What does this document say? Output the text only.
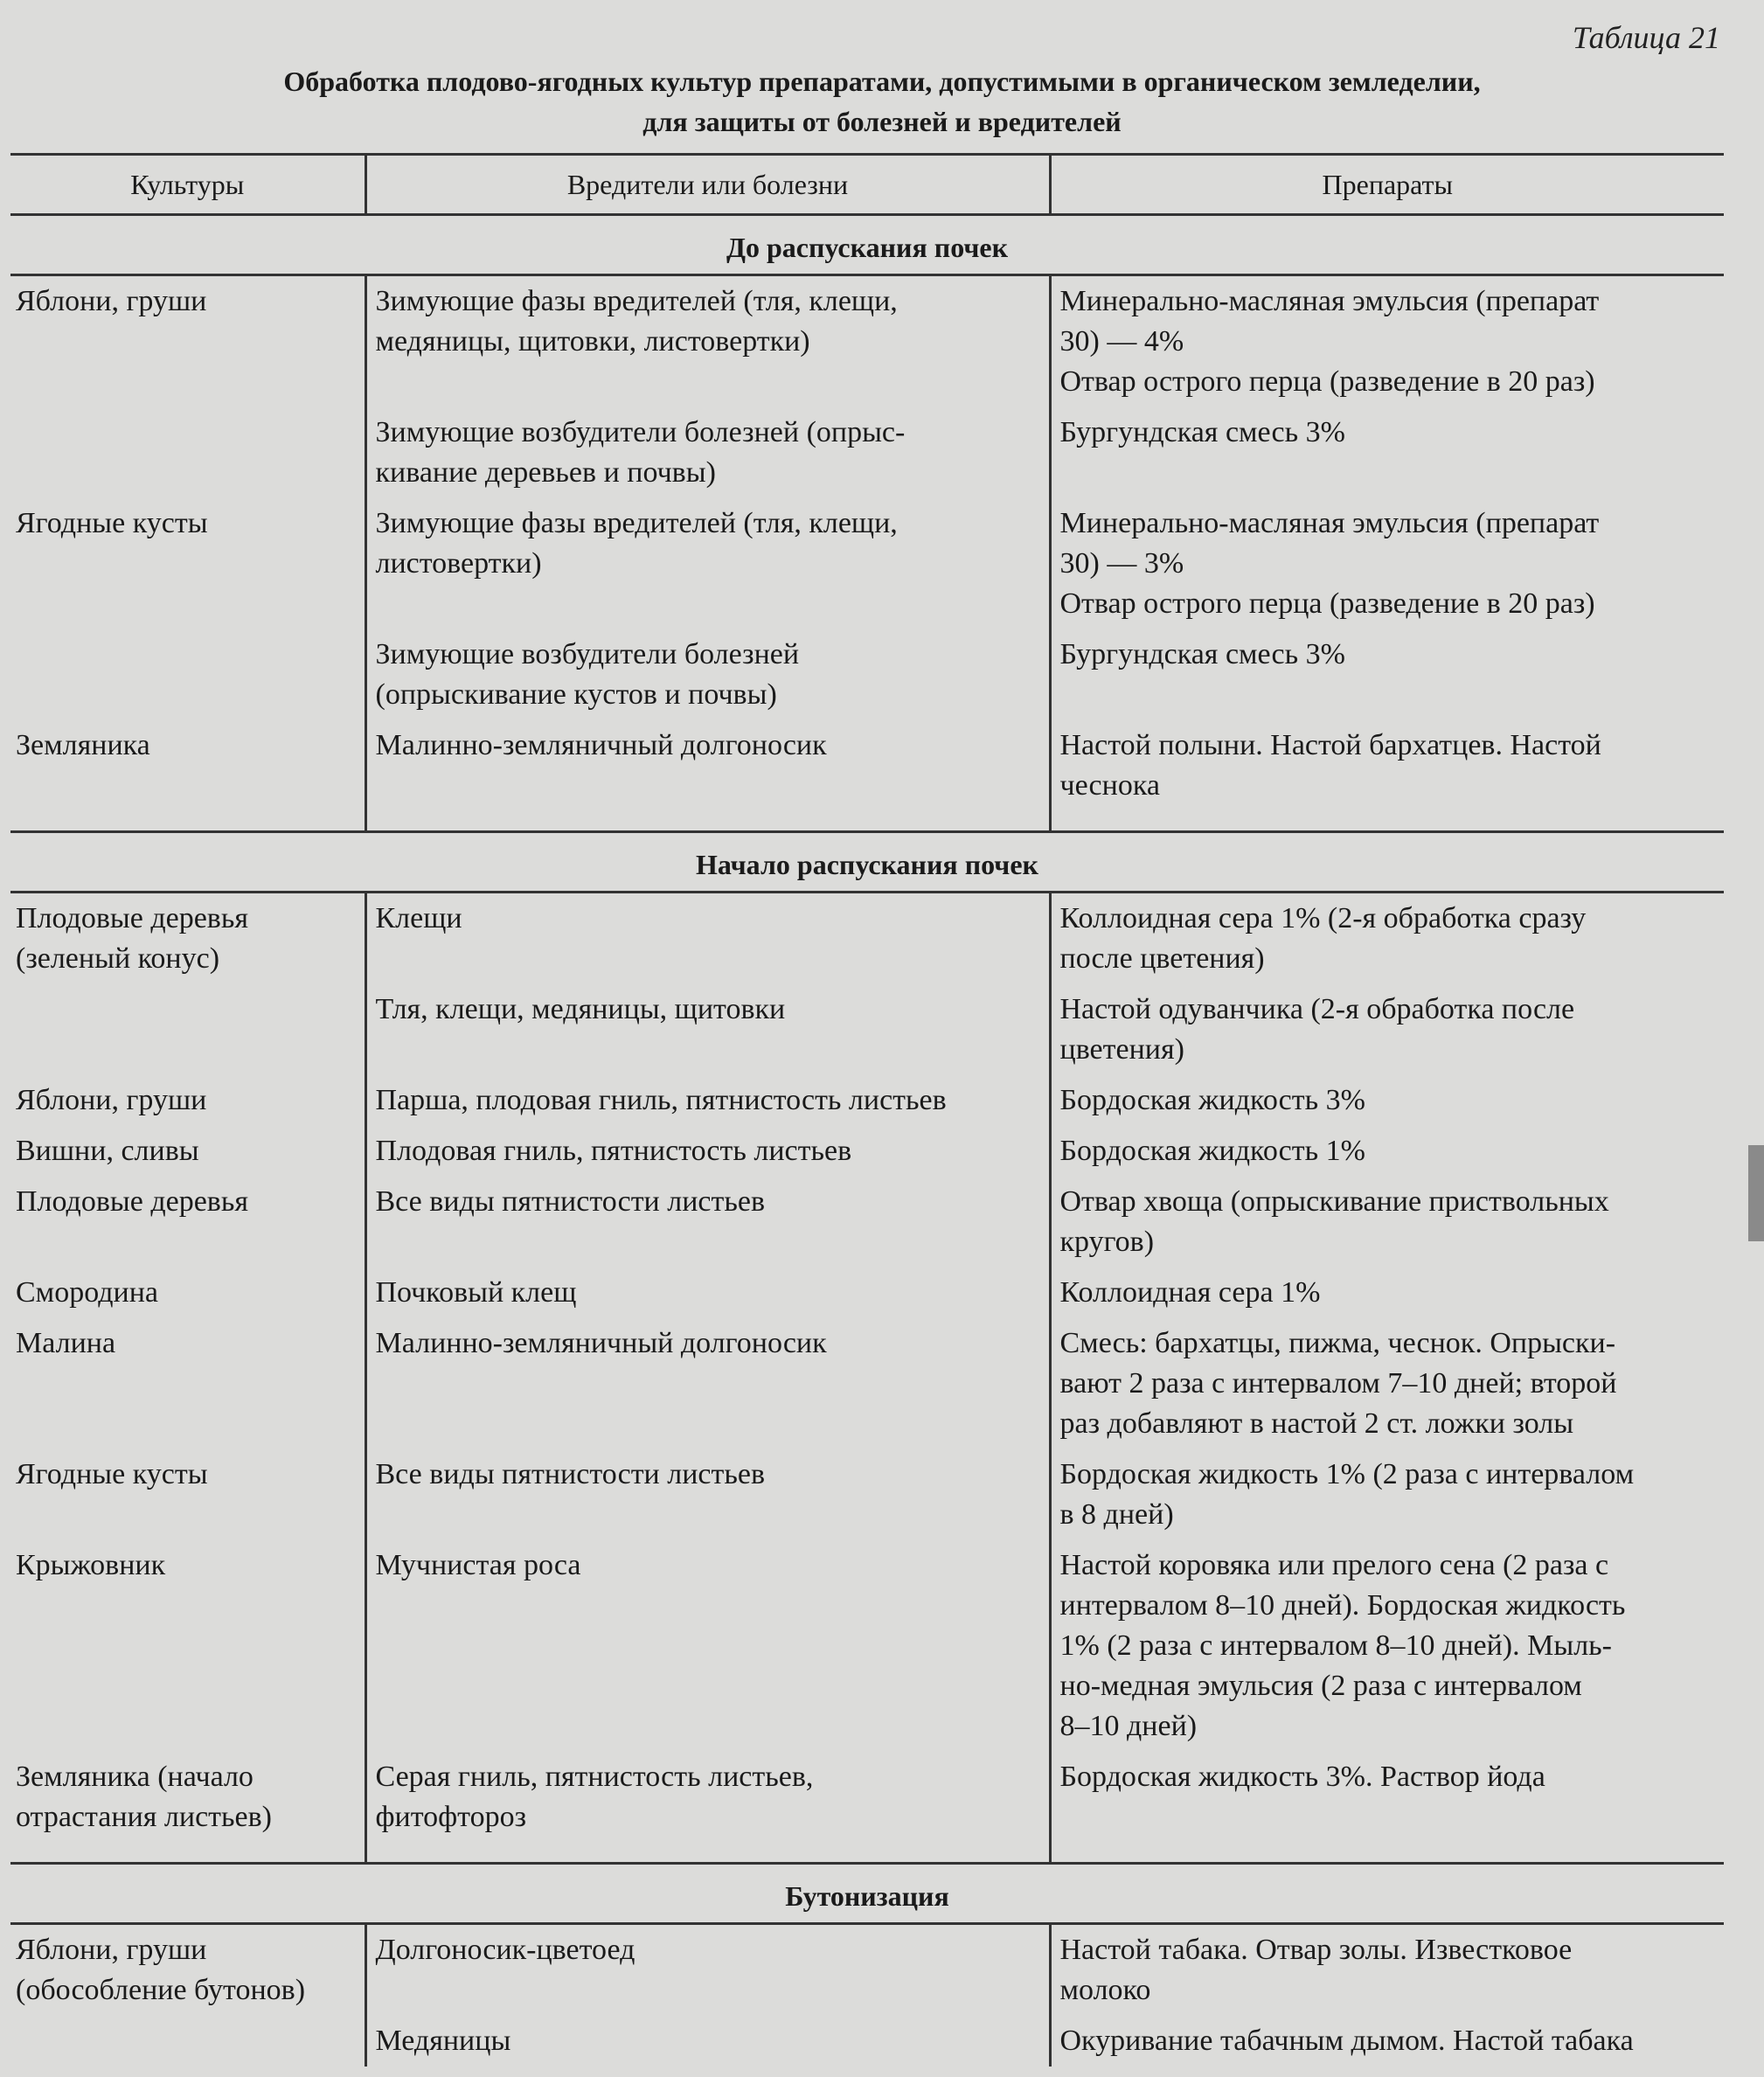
Таблица 21
Обработка плодово-ягодных культур препаратами, допустимыми в органическом земледелии,
для защиты от болезней и вредителей
Культуры	Вредители или болезни	Препараты
До распускания почек		

Яблони, груши	Зимующие фазы вредителей (тля, клещи,
медяницы, щитовки, листовертки)	Минерально-масляная эмульсия (препарат
30) — 4%
Отвар острого перца (разведение в 20 раз)

	Зимующие возбудители болезней (опрыс-
кивание деревьев и почвы)	Бургундская смесь 3%

Ягодные кусты	Зимующие фазы вредителей (тля, клещи,
листовертки)	Минерально-масляная эмульсия (препарат
30) — 3%
Отвар острого перца (разведение в 20 раз)

	Зимующие возбудители болезней
(опрыскивание кустов и почвы)	Бургундская смесь 3%

Земляника	Малинно-земляничный долгоносик	Настой полыни. Настой бархатцев. Настой
чеснока

Начало распускания почек		

Плодовые деревья
(зеленый конус)	Клещи	Коллоидная сера 1% (2-я обработка сразу
после цветения)

	Тля, клещи, медяницы, щитовки	Настой одуванчика (2-я обработка после
цветения)

Яблони, груши	Парша, плодовая гниль, пятнистость листьев	Бордоская жидкость 3%

Вишни, сливы	Плодовая гниль, пятнистость листьев	Бордоская жидкость 1%

Плодовые деревья	Все виды пятнистости листьев	Отвар хвоща (опрыскивание приствольных
кругов)

Смородина	Почковый клещ	Коллоидная сера 1%

Малина	Малинно-земляничный долгоносик	Смесь: бархатцы, пижма, чеснок. Опрыски-
вают 2 раза с интервалом 7–10 дней; второй
раз добавляют в настой 2 ст. ложки золы

Ягодные кусты	Все виды пятнистости листьев	Бордоская жидкость 1% (2 раза с интервалом
в 8 дней)

Крыжовник	Мучнистая роса	Настой коровяка или прелого сена (2 раза с
интервалом 8–10 дней). Бордоская жидкость
1% (2 раза с интервалом 8–10 дней). Мыль-
но-медная эмульсия (2 раза с интервалом
8–10 дней)

Земляника (начало
отрастания листьев)	Серая гниль, пятнистость листьев,
фитофтороз	Бордоская жидкость 3%. Раствор йода

Бутонизация		

Яблони, груши
(обособление бутонов)	Долгоносик-цветоед	Настой табака. Отвар золы. Известковое
молоко

	Медяницы	Окуривание табачным дымом. Настой табака
